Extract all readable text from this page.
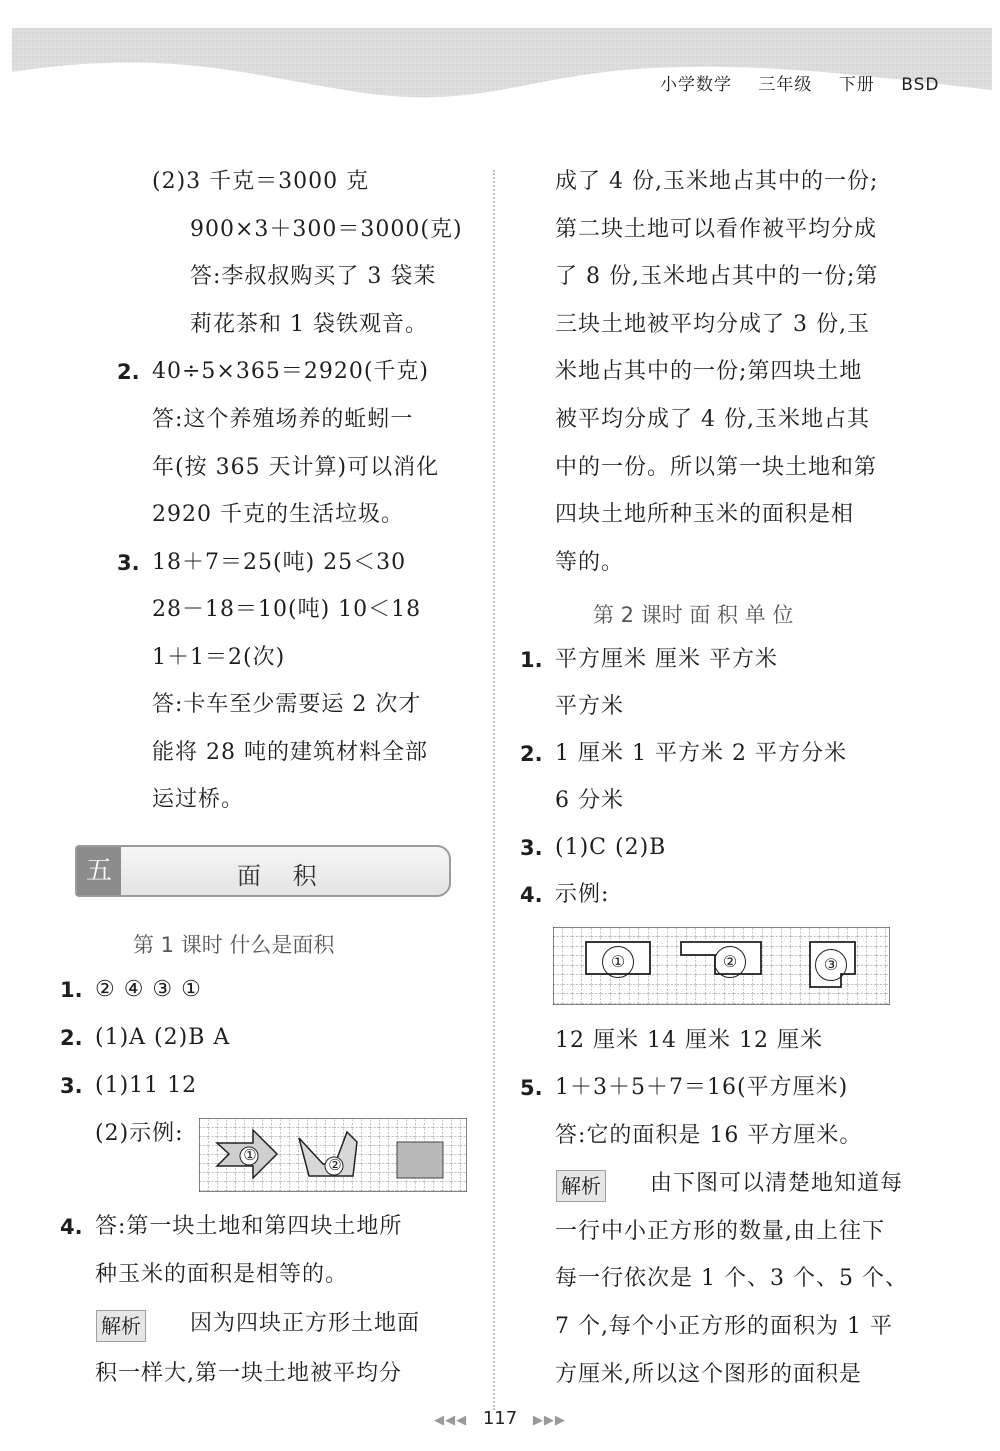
小学数学 三年级 下册 BSD
(2)3 千克＝3000 克
900×3＋300＝3000(克)
答:李叔叔购买了 3 袋茉
莉花茶和 1 袋铁观音。
2. 40÷5×365＝2920(千克)
答:这个养殖场养的蚯蚓一
年(按 365 天计算)可以消化
2920 千克的生活垃圾。
3. 18＋7＝25(吨) 25＜30
28－18＝10(吨) 10＜18
1＋1＝2(次)
答:卡车至少需要运 2 次才
能将 28 吨的建筑材料全部
运过桥。
五	面 积
第 1 课时 什么是面积
1. ② ④ ③ ①
2. (1)A (2)B A
3. (1)11 12
(2)示例:
①
②
4. 答:第一块土地和第四块土地所
种玉米的面积是相等的。
解析 因为四块正方形土地面
积一样大,第一块土地被平均分
成了 4 份,玉米地占其中的一份;
第二块土地可以看作被平均分成
了 8 份,玉米地占其中的一份;第
三块土地被平均分成了 3 份,玉
米地占其中的一份;第四块土地
被平均分成了 4 份,玉米地占其
中的一份。所以第一块土地和第
四块土地所种玉米的面积是相
等的。
第 2 课时 面 积 单 位
1. 平方厘米 厘米 平方米
平方米
2. 1 厘米 1 平方米 2 平方分米
6 分米
3. (1)C (2)B
4. 示例:
①	②	③
12 厘米 14 厘米 12 厘米
5. 1＋3＋5＋7＝16(平方厘米)
答:它的面积是 16 平方厘米。
解析 由下图可以清楚地知道每
一行中小正方形的数量,由上往下
每一行依次是 1 个、3 个、5 个、
7 个,每个小正方形的面积为 1 平
方厘米,所以这个图形的面积是
◀◀◀ 117 ▶▶▶
